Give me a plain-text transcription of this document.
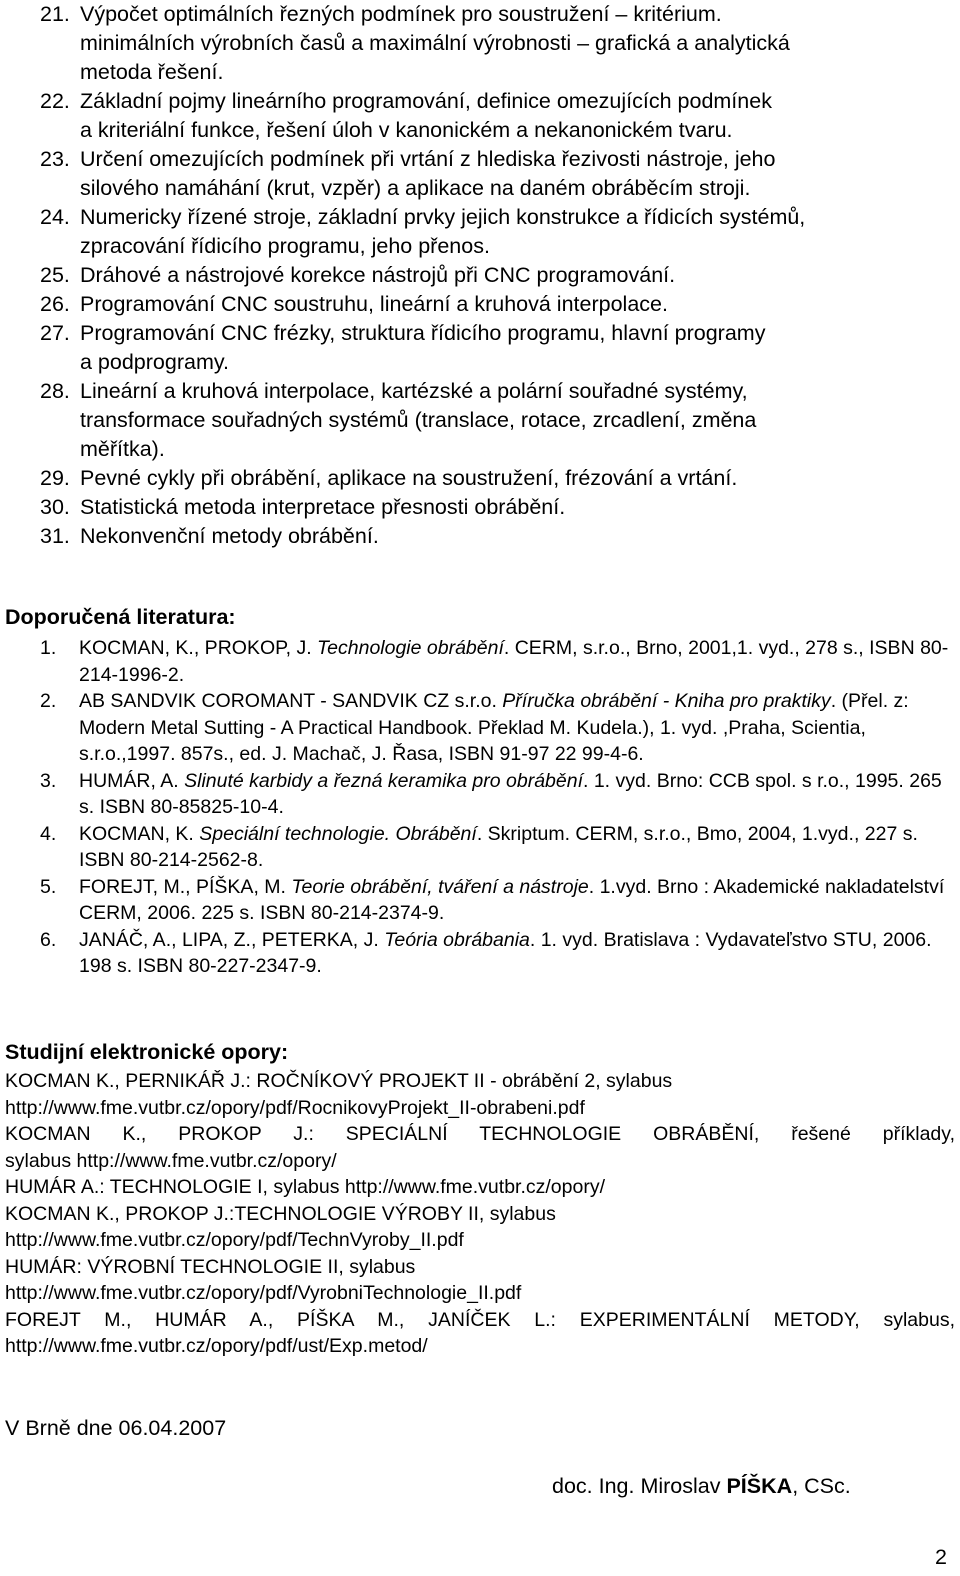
21. Výpočet optimálních řezných podmínek pro soustružení – kritérium.
minimálních výrobních časů a maximální výrobnosti – grafická a analytická
metoda řešení.
22. Základní pojmy lineárního programování, definice omezujících podmínek
a kriteriální funkce, řešení úloh v kanonickém a nekanonickém tvaru.
23. Určení omezujících podmínek při vrtání z hlediska řezivosti nástroje, jeho
silového namáhání (krut, vzpěr) a aplikace na daném obráběcím stroji.
24. Numericky řízené stroje, základní prvky jejich konstrukce a řídicích systémů,
zpracování řídicího programu, jeho přenos.
25. Dráhové a nástrojové korekce nástrojů při CNC programování.
26. Programování CNC soustruhu, lineární a kruhová interpolace.
27. Programování CNC frézky, struktura řídicího programu, hlavní programy
a podprogramy.
28. Lineární a kruhová interpolace, kartézské a polární souřadné systémy,
transformace souřadných systémů (translace, rotace, zrcadlení, změna
měřítka).
29. Pevné cykly při obrábění, aplikace na soustružení, frézování a vrtání.
30. Statistická metoda interpretace přesnosti obrábění.
31. Nekonvenční metody obrábění.
Doporučená literatura:
1.	KOCMAN, K., PROKOP, J. Technologie obrábění. CERM, s.r.o., Brno, 2001,1. vyd., 278 s., ISBN 80-214-1996-2.
2.	AB SANDVIK COROMANT - SANDVIK CZ s.r.o. Příručka obrábění - Kniha pro praktiky. (Přel. z: Modern Metal Sutting - A Practical Handbook. Překlad M. Kudela.), 1. vyd. ,Praha, Scientia, s.r.o.,1997. 857s., ed. J. Machač, J. Řasa, ISBN 91-97 22 99-4-6.
3.	HUMÁR, A. Slinuté karbidy a řezná keramika pro obrábění. 1. vyd. Brno: CCB spol. s r.o., 1995. 265 s. ISBN 80-85825-10-4.
4.	KOCMAN, K. Speciální technologie. Obrábění. Skriptum. CERM, s.r.o., Bmo, 2004, 1.vyd., 227 s. ISBN 80-214-2562-8.
5.	FOREJT, M., PÍŠKA, M. Teorie obrábění, tváření a nástroje. 1.vyd. Brno : Akademické nakladatelství CERM, 2006. 225 s. ISBN 80-214-2374-9.
6.	JANÁČ, A., LIPA, Z., PETERKA, J. Teória obrábania. 1. vyd. Bratislava : Vydavateľstvo STU, 2006. 198 s. ISBN 80-227-2347-9.
Studijní elektronické opory:
KOCMAN K., PERNIKÁŘ J.: ROČNÍKOVÝ PROJEKT II - obrábění 2, sylabus
http://www.fme.vutbr.cz/opory/pdf/RocnikovyProjekt_II-obrabeni.pdf
KOCMAN K., PROKOP J.: SPECIÁLNÍ TECHNOLOGIE OBRÁBĚNÍ, řešené příklady,
sylabus http://www.fme.vutbr.cz/opory/
HUMÁR A.: TECHNOLOGIE I, sylabus http://www.fme.vutbr.cz/opory/
KOCMAN K., PROKOP J.:TECHNOLOGIE VÝROBY II, sylabus
http://www.fme.vutbr.cz/opory/pdf/TechnVyroby_II.pdf
HUMÁR: VÝROBNÍ TECHNOLOGIE II, sylabus
http://www.fme.vutbr.cz/opory/pdf/VyrobniTechnologie_II.pdf
FOREJT M., HUMÁR A., PÍŠKA M., JANÍČEK L.: EXPERIMENTÁLNÍ METODY, sylabus,
http://www.fme.vutbr.cz/opory/pdf/ust/Exp.metod/
V Brně dne 06.04.2007
doc. Ing. Miroslav PÍŠKA, CSc.
2
